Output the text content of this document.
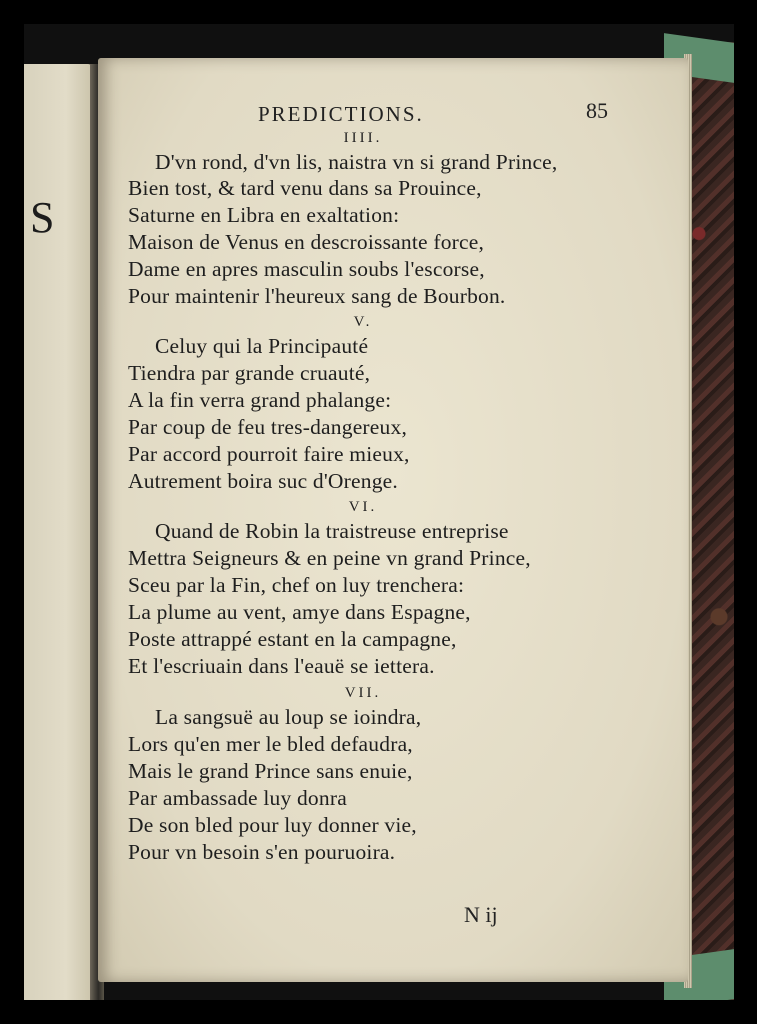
S
PREDICTIONS.	85
IIII.
D'vn rond, d'vn lis, naistra vn si grand Prince,
Bien tost, & tard venu dans sa Prouince,
Saturne en Libra en exaltation:
Maison de Venus en descroissante force,
Dame en apres masculin soubs l'escorse,
Pour maintenir l'heureux sang de Bourbon.
V.
Celuy qui la Principauté
Tiendra par grande cruauté,
A la fin verra grand phalange:
Par coup de feu tres-dangereux,
Par accord pourroit faire mieux,
Autrement boira suc d'Orenge.
VI.
Quand de Robin la traistreuse entreprise
Mettra Seigneurs & en peine vn grand Prince,
Sceu par la Fin, chef on luy trenchera:
La plume au vent, amye dans Espagne,
Poste attrappé estant en la campagne,
Et l'escriuain dans l'eauë se iettera.
VII.
La sangsuë au loup se ioindra,
Lors qu'en mer le bled defaudra,
Mais le grand Prince sans enuie,
Par ambassade luy donra
De son bled pour luy donner vie,
Pour vn besoin s'en pouruoira.
N ij
